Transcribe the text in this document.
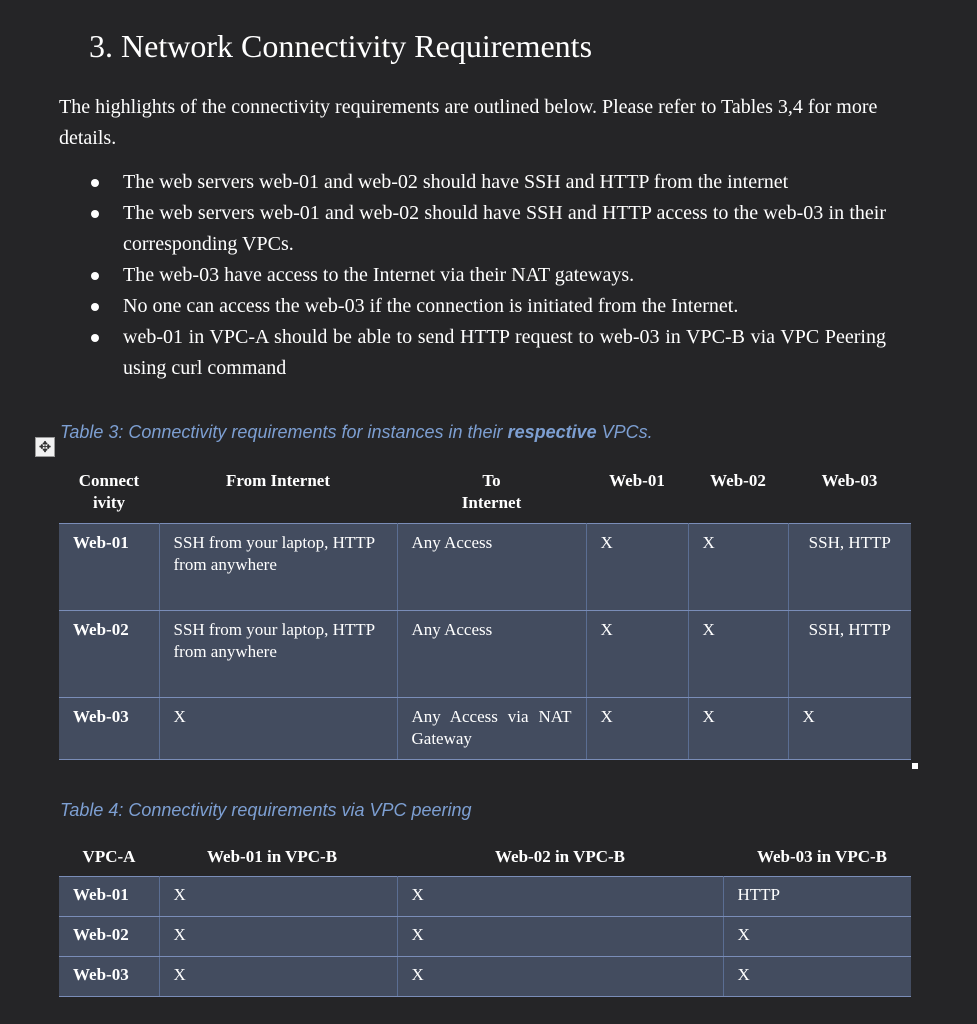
3. Network Connectivity Requirements

The highlights of the connectivity requirements are outlined below. Please refer to Tables 3,4 for more details.

The web servers web-01 and web-02 should have SSH and HTTP from the internet
The web servers web-01 and web-02 should have SSH and HTTP access to the web-03 in their corresponding VPCs.
The web-03 have access to the Internet via their NAT gateways.
No one can access the web-03 if the connection is initiated from the Internet.
web-01 in VPC-A should be able to send HTTP request to web-03 in VPC-B via VPC Peering using curl command
✥

Table 3: Connectivity requirements for instances in their respective VPCs.

Connect ivity	From Internet	To Internet	Web-01	Web-02	Web-03
Web-01	SSH from your laptop, HTTP
from anywhere	Any Access	X	X	SSH, HTTP
Web-02	SSH from your laptop, HTTP
from anywhere	Any Access	X	X	SSH, HTTP
Web-03	X	Any Access via NAT Gateway	X	X	X

Table 4: Connectivity requirements via VPC peering

VPC-A	Web-01 in VPC-B	Web-02 in VPC-B	Web-03 in VPC-B
Web-01	X	X	HTTP
Web-02	X	X	X
Web-03	X	X	X
